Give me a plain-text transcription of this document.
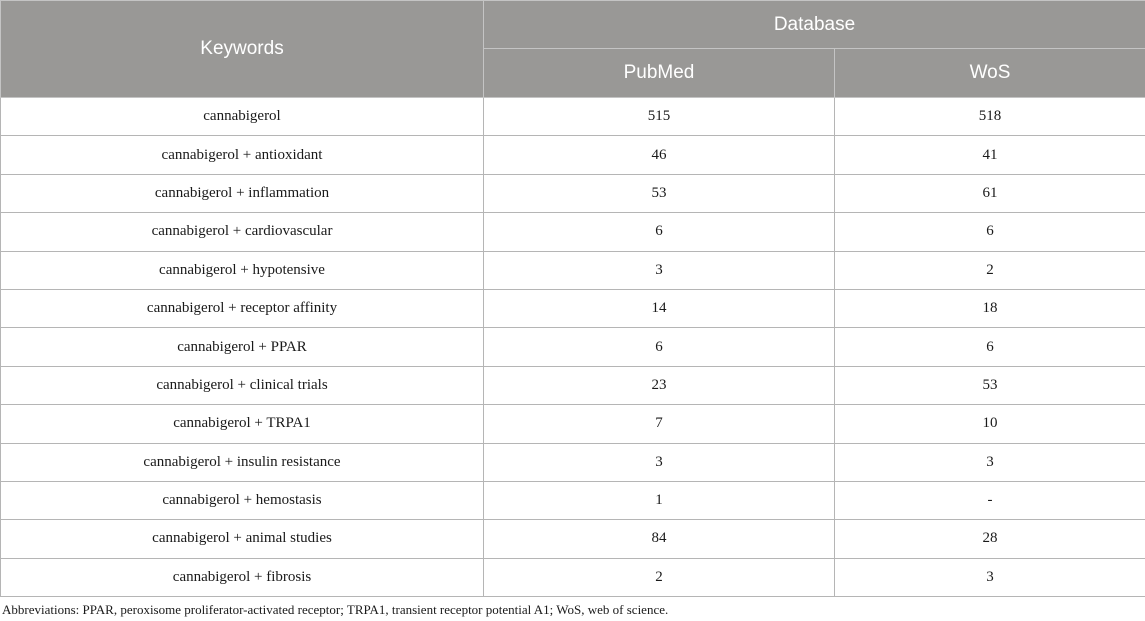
Keywords	Database	
	PubMed	WoS
cannabigerol	515	518
cannabigerol + antioxidant	46	41
cannabigerol + inflammation	53	61
cannabigerol + cardiovascular	6	6
cannabigerol + hypotensive	3	2
cannabigerol + receptor affinity	14	18
cannabigerol + PPAR	6	6
cannabigerol + clinical trials	23	53
cannabigerol + TRPA1	7	10
cannabigerol + insulin resistance	3	3
cannabigerol + hemostasis	1	-
cannabigerol + animal studies	84	28
cannabigerol + fibrosis	2	3
Abbreviations: PPAR, peroxisome proliferator-activated receptor; TRPA1, transient receptor potential A1; WoS, web of science.
